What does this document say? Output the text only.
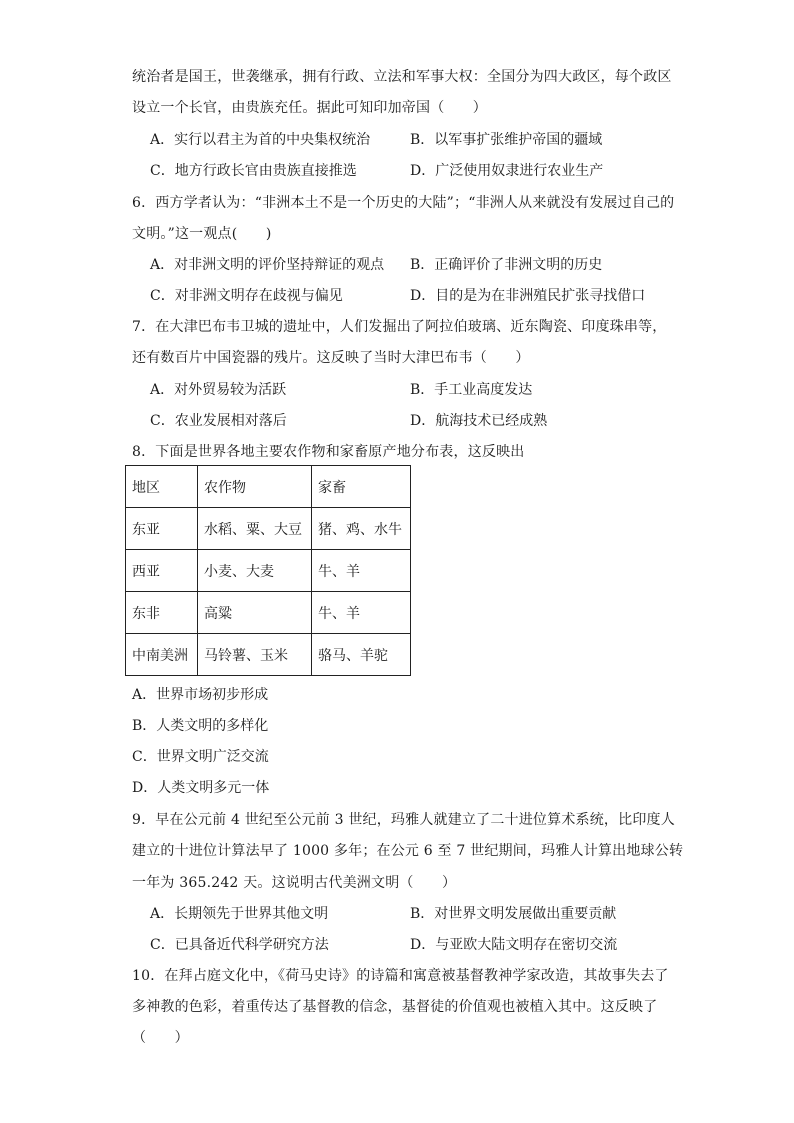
统治者是国王，世袭继承，拥有行政、立法和军事大权：全国分为四大政区，每个政区
设立一个长官，由贵族充任。据此可知印加帝国（　　）
A．实行以君主为首的中央集权统治	B．以军事扩张维护帝国的疆域
C．地方行政长官由贵族直接推选	D．广泛使用奴隶进行农业生产
6．西方学者认为：“非洲本土不是一个历史的大陆”；“非洲人从来就没有发展过自己的
文明。”这一观点(　　)
A．对非洲文明的评价坚持辩证的观点 B．正确评价了非洲文明的历史
C．对非洲文明存在歧视与偏见	D．目的是为在非洲殖民扩张寻找借口
7．在大津巴布韦卫城的遗址中，人们发掘出了阿拉伯玻璃、近东陶瓷、印度珠串等，
还有数百片中国瓷器的残片。这反映了当时大津巴布韦（　　）
A．对外贸易较为活跃	B．手工业高度发达
C．农业发展相对落后	D．航海技术已经成熟
8．下面是世界各地主要农作物和家畜原产地分布表，这反映出
地区	农作物	家畜
东亚	水稻、粟、大豆	猪、鸡、水牛
西亚	小麦、大麦	牛、羊
东非	高粱	牛、羊
中南美洲	马铃薯、玉米	骆马、羊驼
A．世界市场初步形成
B．人类文明的多样化
C．世界文明广泛交流
D．人类文明多元一体
9．早在公元前 4 世纪至公元前 3 世纪，玛雅人就建立了二十进位算术系统，比印度人
建立的十进位计算法早了 1000 多年；在公元 6 至 7 世纪期间，玛雅人计算出地球公转
一年为 365.242 天。这说明古代美洲文明（　　）
A．长期领先于世界其他文明	B．对世界文明发展做出重要贡献
C．已具备近代科学研究方法	D．与亚欧大陆文明存在密切交流
10．在拜占庭文化中，《荷马史诗》的诗篇和寓意被基督教神学家改造，其故事失去了
多神教的色彩，着重传达了基督教的信念，基督徒的价值观也被植入其中。这反映了
（　　）
